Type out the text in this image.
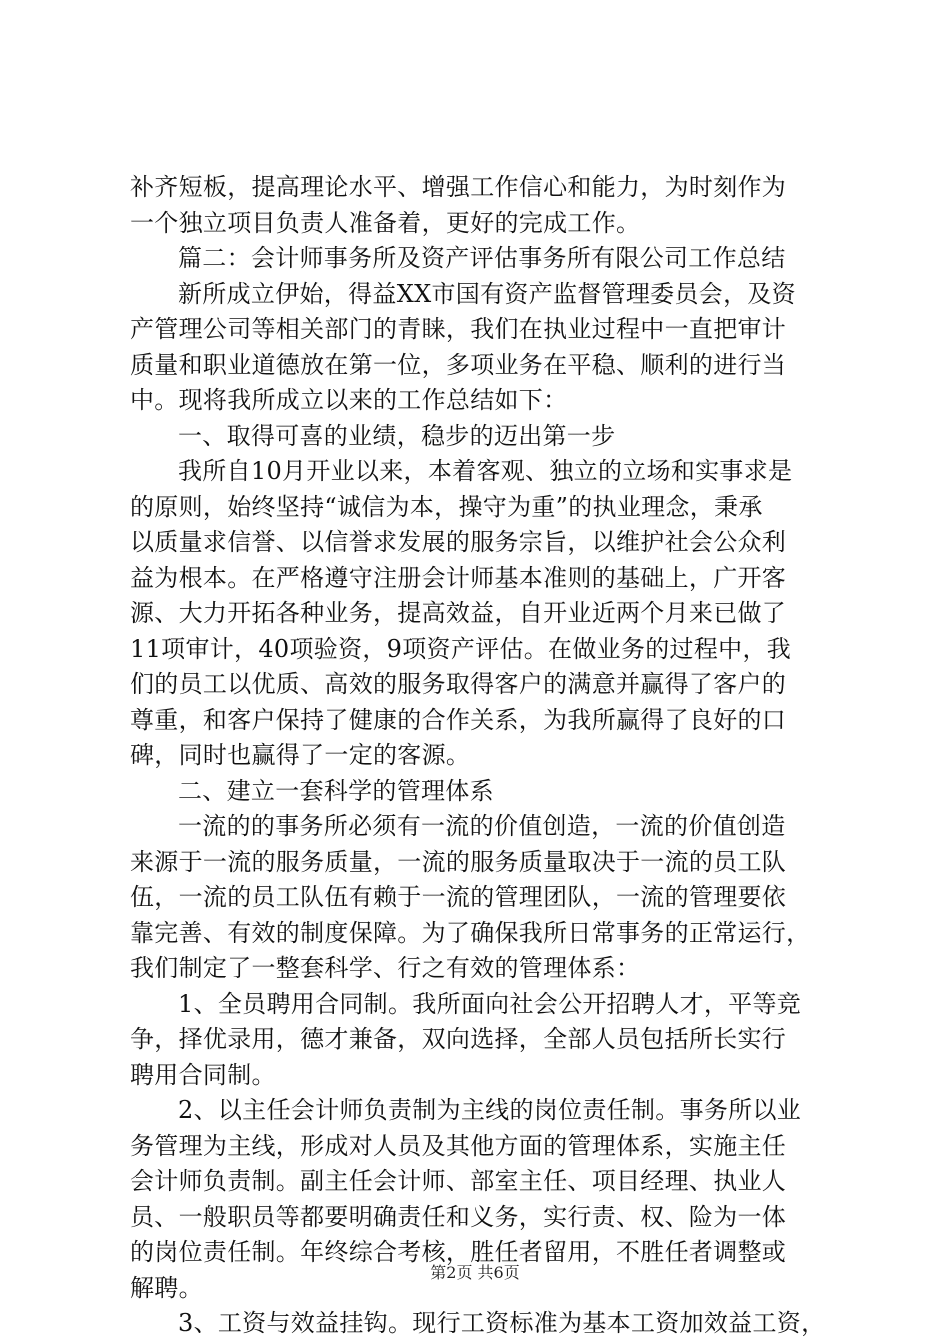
补齐短板，提高理论水平、增强工作信心和能力，为时刻作为
一个独立项目负责人准备着，更好的完成工作。
篇二：会计师事务所及资产评估事务所有限公司工作总结
新所成立伊始，得益XX市国有资产监督管理委员会，及资
产管理公司等相关部门的青睐，我们在执业过程中一直把审计
质量和职业道德放在第一位，多项业务在平稳、顺利的进行当
中。现将我所成立以来的工作总结如下：
一、取得可喜的业绩，稳步的迈出第一步
我所自10月开业以来，本着客观、独立的立场和实事求是
的原则，始终坚持“诚信为本，操守为重”的执业理念，秉承
以质量求信誉、以信誉求发展的服务宗旨，以维护社会公众利
益为根本。在严格遵守注册会计师基本准则的基础上，广开客
源、大力开拓各种业务，提高效益，自开业近两个月来已做了
11项审计，40项验资，9项资产评估。在做业务的过程中，我
们的员工以优质、高效的服务取得客户的满意并赢得了客户的
尊重，和客户保持了健康的合作关系，为我所赢得了良好的口
碑，同时也赢得了一定的客源。
二、建立一套科学的管理体系
一流的的事务所必须有一流的价值创造，一流的价值创造
来源于一流的服务质量，一流的服务质量取决于一流的员工队
伍，一流的员工队伍有赖于一流的管理团队，一流的管理要依
靠完善、有效的制度保障。为了确保我所日常事务的正常运行，
我们制定了一整套科学、行之有效的管理体系：
1、全员聘用合同制。我所面向社会公开招聘人才，平等竞
争，择优录用，德才兼备，双向选择，全部人员包括所长实行
聘用合同制。
2、以主任会计师负责制为主线的岗位责任制。事务所以业
务管理为主线，形成对人员及其他方面的管理体系，实施主任
会计师负责制。副主任会计师、部室主任、项目经理、执业人
员、一般职员等都要明确责任和义务，实行责、权、险为一体
的岗位责任制。年终综合考核，胜任者留用，不胜任者调整或
解聘。
3、工资与效益挂钩。现行工资标准为基本工资加效益工资，
第2页 共6页
